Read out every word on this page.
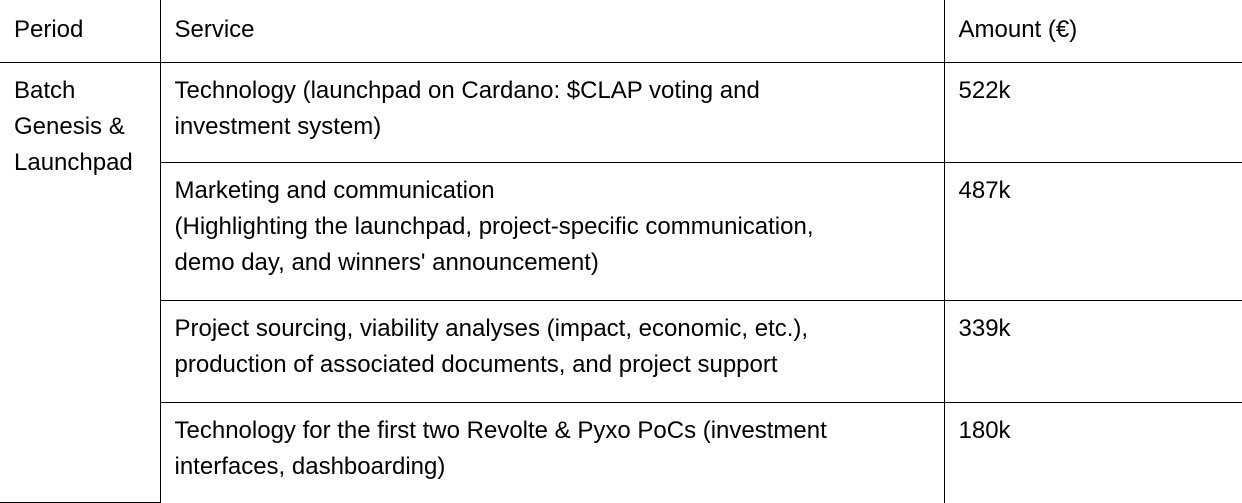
Period	Service	Amount (€)
Batch Genesis & Launchpad	Technology (launchpad on Cardano: $CLAP voting and
investment system)	522k

	Marketing and communication
(Highlighting the launchpad, project-specific communication,
demo day, and winners' announcement)	487k

	Project sourcing, viability analyses (impact, economic, etc.),
production of associated documents, and project support	339k

	Technology for the first two Revolte & Pyxo PoCs (investment
interfaces, dashboarding)	180k
